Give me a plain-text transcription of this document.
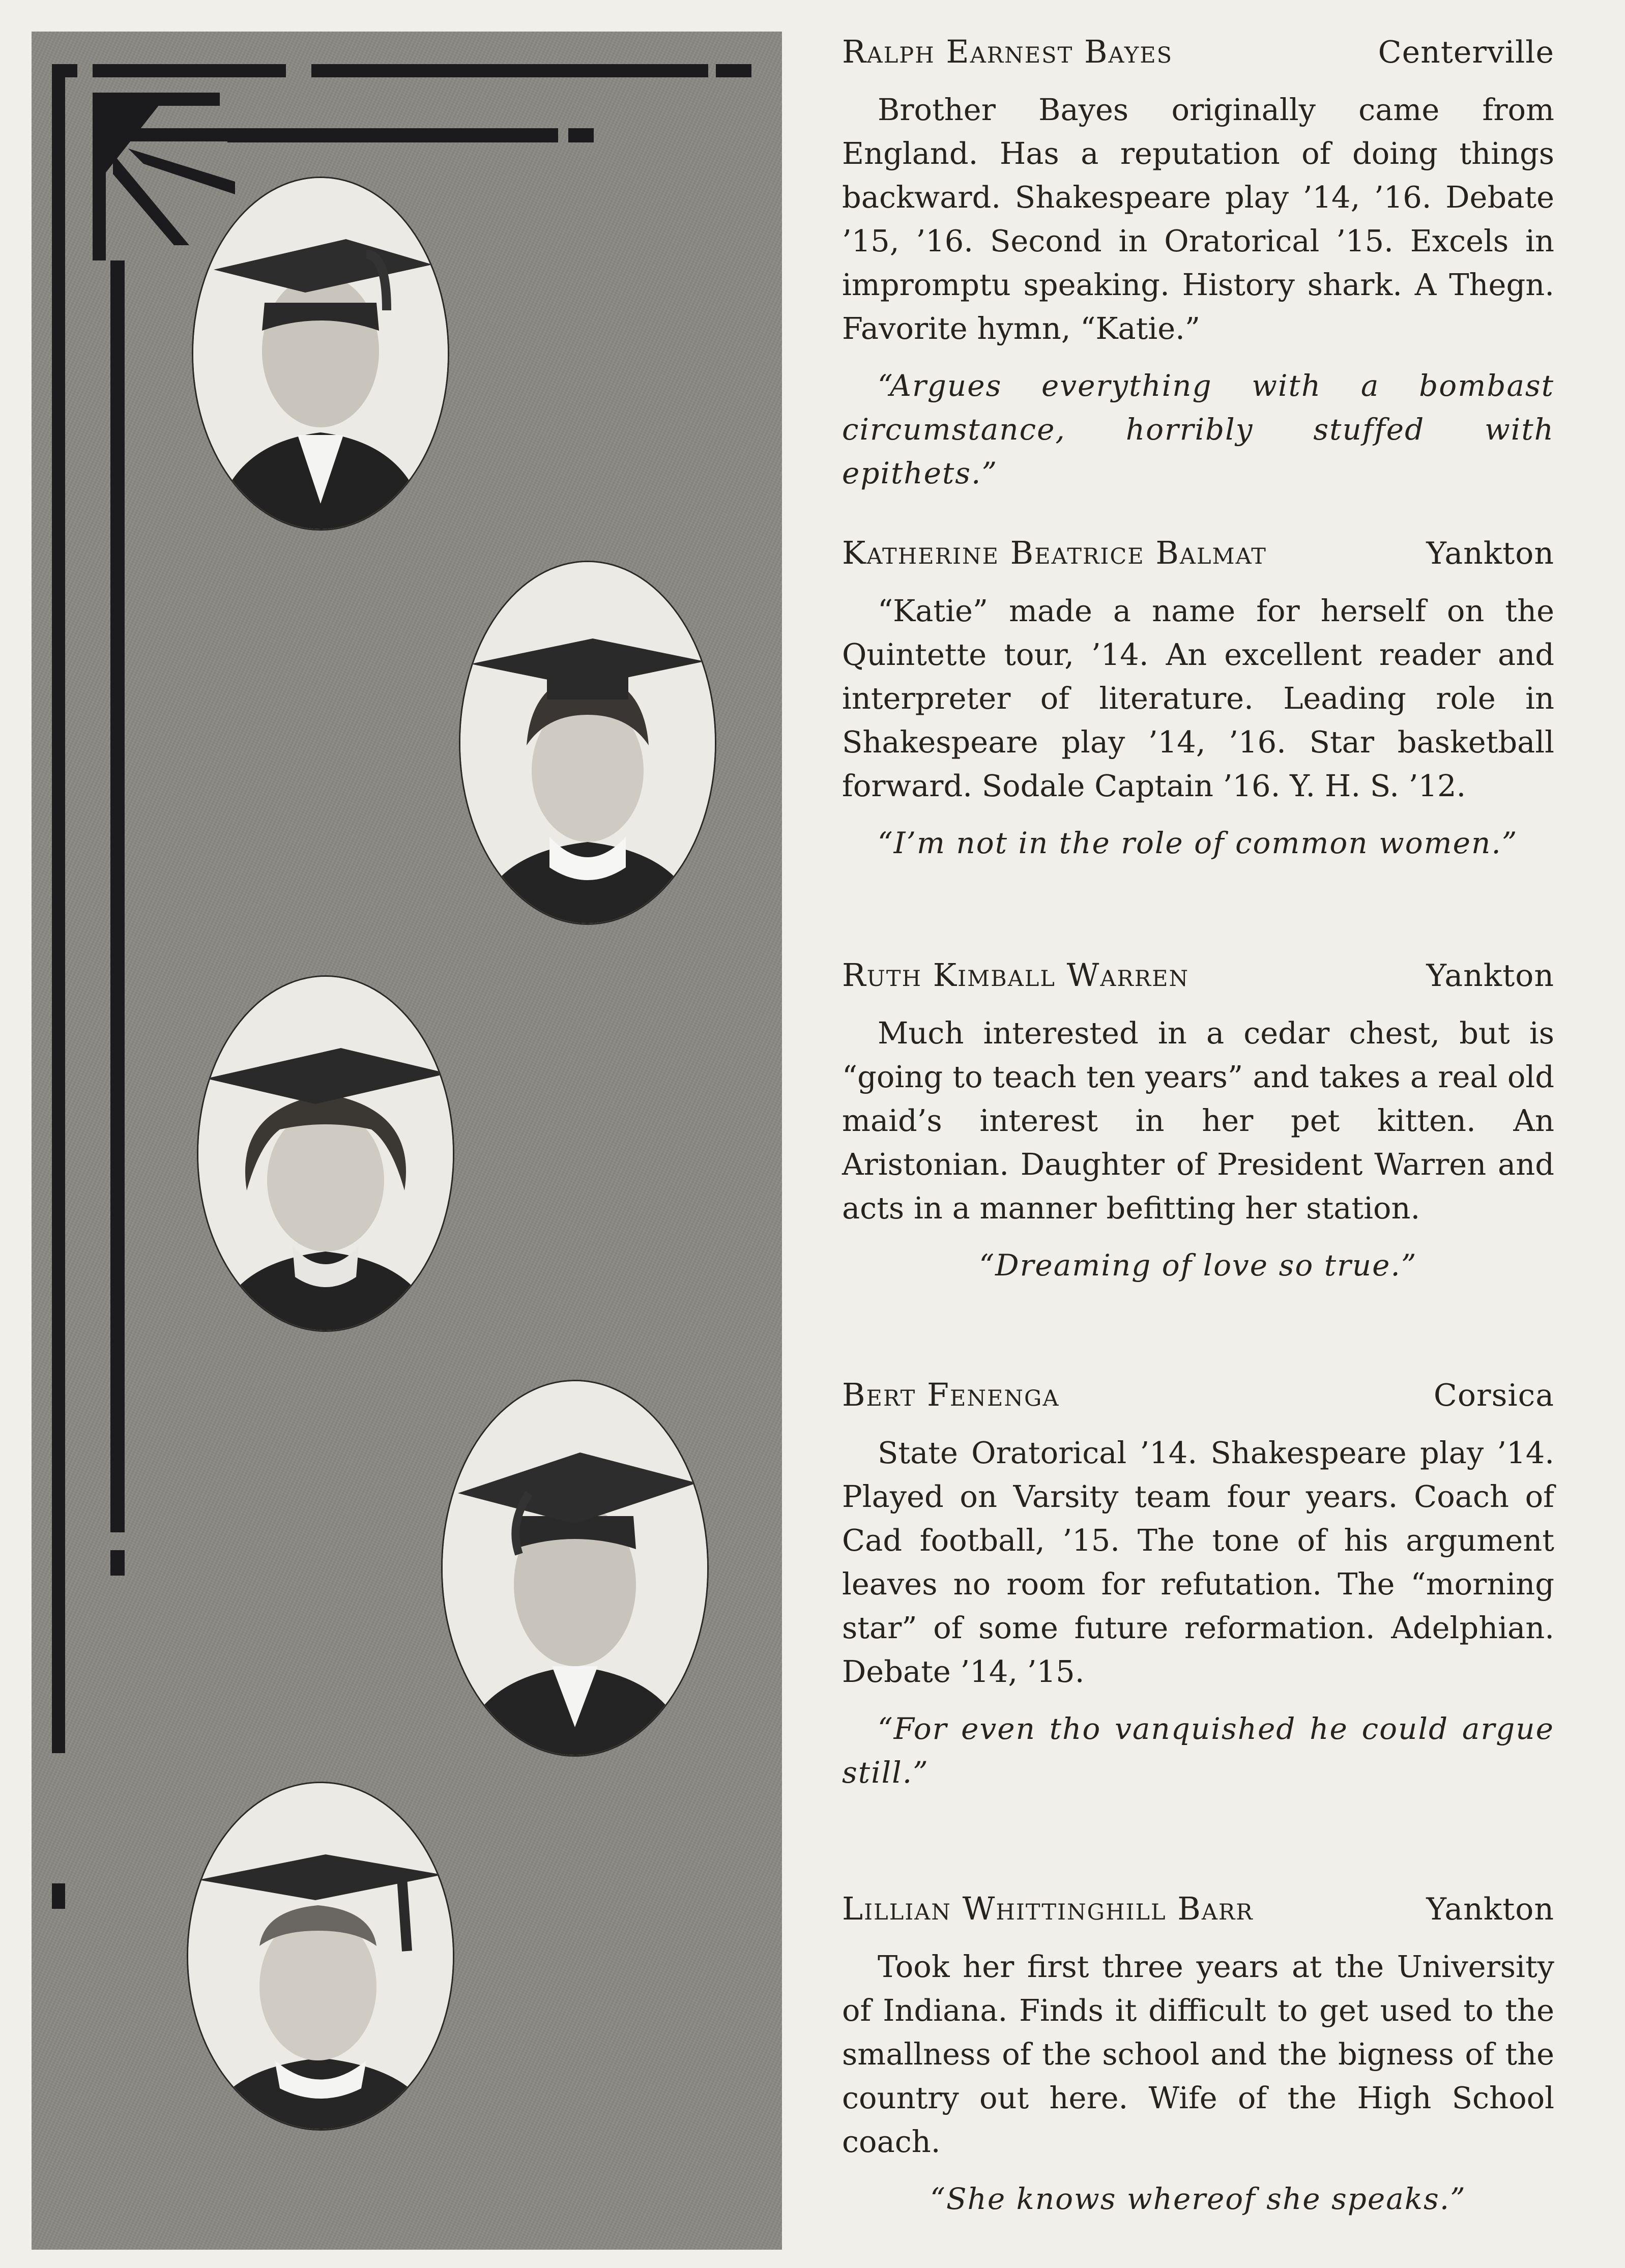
Ralph Earnest Bayes	Centerville

Brother Bayes originally came from England. Has a reputation of doing things backward. Shakespeare play ’14, ’16. Debate ’15, ’16. Second in Oratorical ’15. Excels in impromptu speaking. History shark. A Thegn. Favorite hymn, “Katie.”

“Argues everything with a bombast circumstance, horribly stuffed with epithets.”

Katherine Beatrice Balmat	Yankton

“Katie” made a name for herself on the Quintette tour, ’14. An excellent reader and interpreter of literature. Leading role in Shakespeare play ’14, ’16. Star basketball forward. Sodale Captain ’16. Y. H. S. ’12.

“I’m not in the role of common women.”

Ruth Kimball Warren	Yankton

Much interested in a cedar chest, but is “going to teach ten years” and takes a real old maid’s interest in her pet kitten. An Aristonian. Daughter of President Warren and acts in a manner befitting her station.

“Dreaming of love so true.”

Bert Fenenga	Corsica

State Oratorical ’14. Shakespeare play ’14. Played on Varsity team four years. Coach of Cad football, ’15. The tone of his argument leaves no room for refutation. The “morning star” of some future reformation. Adelphian. Debate ’14, ’15.

“For even tho vanquished he could argue still.”

Lillian Whittinghill Barr	Yankton

Took her first three years at the University of Indiana. Finds it difficult to get used to the smallness of the school and the bigness of the country out here. Wife of the High School coach.

“She knows whereof she speaks.”
